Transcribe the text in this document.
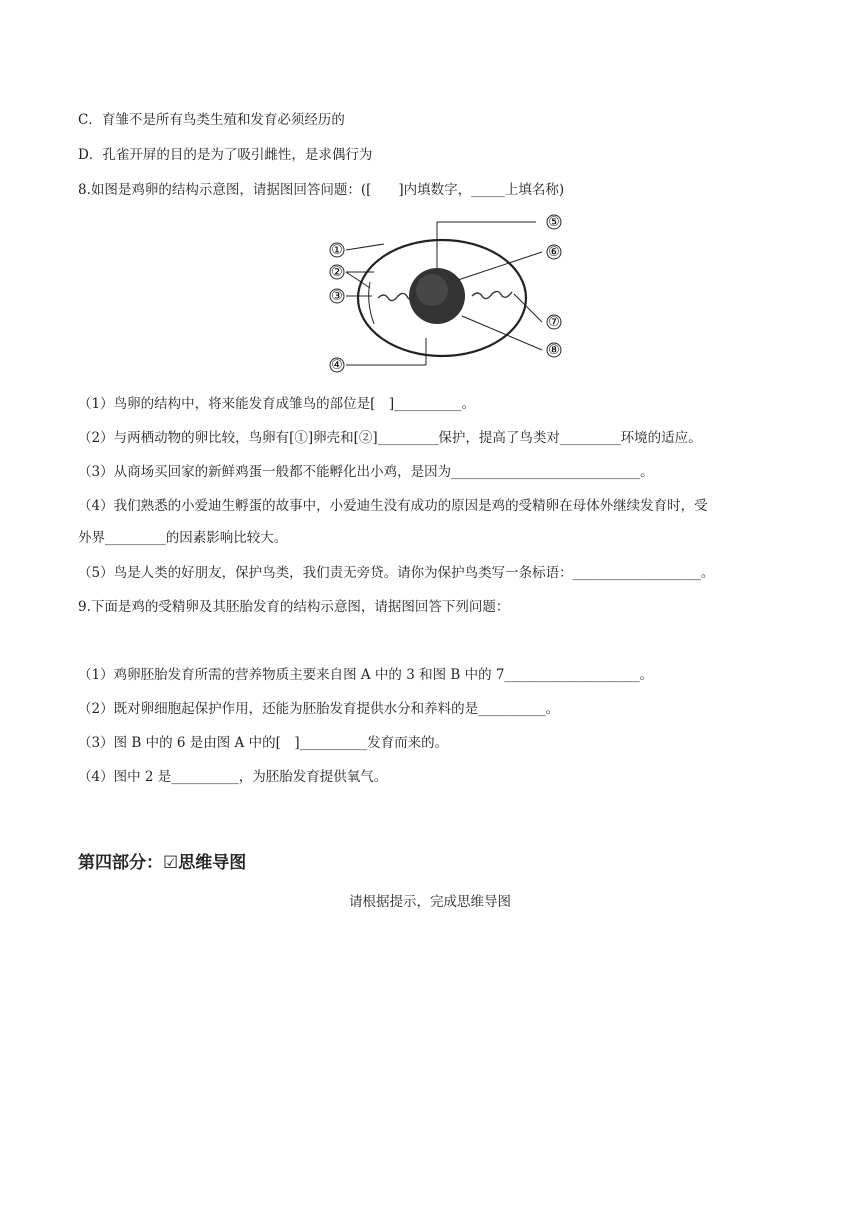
C．育雏不是所有鸟类生殖和发育必须经历的
D．孔雀开屏的目的是为了吸引雌性，是求偶行为
8.如图是鸡卵的结构示意图，请据图回答问题：([　　]内填数字，_____上填名称)
①
②
③
④
⑤
⑥
⑦
⑧
（1）鸟卵的结构中，将来能发育成雏鸟的部位是[　]__________。
（2）与两栖动物的卵比较，鸟卵有[①]卵壳和[②]_________保护，提高了鸟类对_________环境的适应。
（3）从商场买回家的新鲜鸡蛋一般都不能孵化出小鸡，是因为____________________________。
（4）我们熟悉的小爱迪生孵蛋的故事中，小爱迪生没有成功的原因是鸡的受精卵在母体外继续发育时，受
外界_________的因素影响比较大。
（5）鸟是人类的好朋友，保护鸟类，我们责无旁贷。请你为保护鸟类写一条标语：___________________。
9.下面是鸡的受精卵及其胚胎发育的结构示意图，请据图回答下列问题：
（1）鸡卵胚胎发育所需的营养物质主要来自图 A 中的 3 和图 B 中的 7____________________。
（2）既对卵细胞起保护作用，还能为胚胎发育提供水分和养料的是__________。
（3）图 B 中的 6 是由图 A 中的[　]__________发育而来的。
（4）图中 2 是__________，为胚胎发育提供氧气。
第四部分：☑思维导图
请根据提示，完成思维导图
